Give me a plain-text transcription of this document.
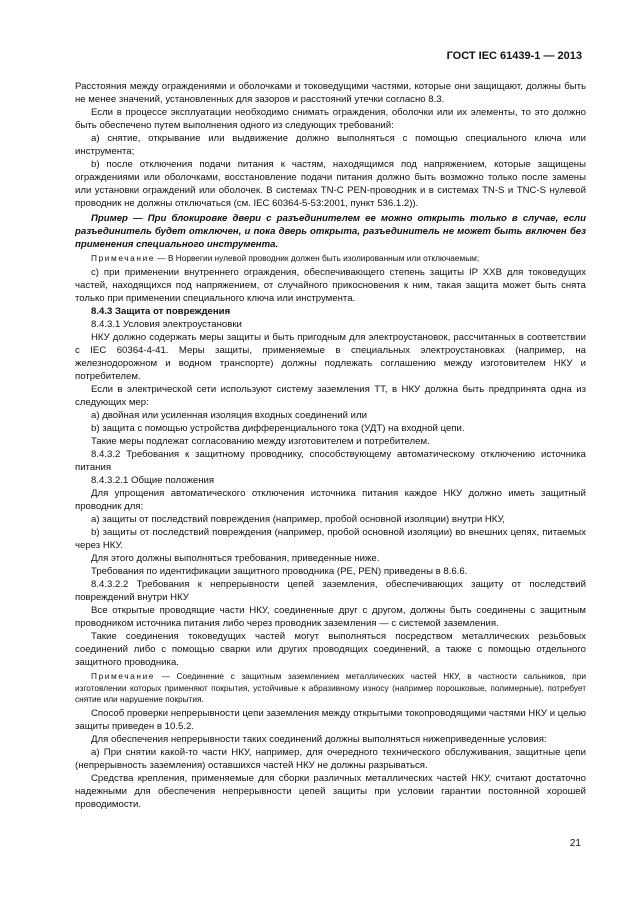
ГОСТ IEC 61439-1 — 2013

Расстояния между ограждениями и оболочками и токоведущими частями, которые они защищают, должны быть не менее значений, установленных для зазоров и расстояний утечки согласно 8.3.

Если в процессе эксплуатации необходимо снимать ограждения, оболочки или их элементы, то это должно быть обеспечено путем выполнения одного из следующих требований:

a) снятие, открывание или выдвижение должно выполняться с помощью специального ключа или инструмента;

b) после отключения подачи питания к частям, находящимся под напряжением, которые защищены ограждениями или оболочками, восстановление подачи питания должно быть возможно только после замены или установки ограждений или оболочек. В системах TN-C PEN-проводник и в системах TN-S и TNC-S нулевой проводник не должны отключаться (см. IEC 60364-5-53:2001, пункт 536.1.2)).

Пример — При блокировке двери с разъединителем ее можно открыть только в случае, если разъединитель будет отключен, и пока дверь открыта, разъединитель не может быть включен без применения специального инструмента.

Примечание — В Норвегии нулевой проводник должен быть изолированным или отключаемым;

c) при применении внутреннего ограждения, обеспечивающего степень защиты IP XXB для токоведущих частей, находящихся под напряжением, от случайного прикосновения к ним, такая защита может быть снята только при применении специального ключа или инструмента.

8.4.3 Защита от повреждения

8.4.3.1 Условия электроустановки

НКУ должно содержать меры защиты и быть пригодным для электроустановок, рассчитанных в соответствии с IEC 60364-4-41. Меры защиты, применяемые в специальных электроустановках (например, на железнодорожном и водном транспорте) должны подлежать соглашению между изготовителем НКУ и потребителем.

Если в электрической сети используют систему заземления TT, в НКУ должна быть предпринята одна из следующих мер:

a) двойная или усиленная изоляция входных соединений или

b) защита с помощью устройства дифференциального тока (УДТ) на входной цепи.

Такие меры подлежат согласованию между изготовителем и потребителем.

8.4.3.2 Требования к защитному проводнику, способствующему автоматическому отключению источника питания

8.4.3.2.1 Общие положения

Для упрощения автоматического отключения источника питания каждое НКУ должно иметь защитный проводник для:

a) защиты от последствий повреждения (например, пробой основной изоляции) внутри НКУ,

b) защиты от последствий повреждения (например, пробой основной изоляции) во внешних цепях, питаемых через НКУ.

Для этого должны выполняться требования, приведенные ниже.

Требования по идентификации защитного проводника (PE, PEN) приведены в 8.6.6.

8.4.3.2.2 Требования к непрерывности цепей заземления, обеспечивающих защиту от последствий повреждений внутри НКУ

Все открытые проводящие части НКУ, соединенные друг с другом, должны быть соединены с защитным проводником источника питания либо через проводник заземления — с системой заземления.

Такие соединения токоведущих частей могут выполняться посредством металлических резьбовых соединений либо с помощью сварки или других проводящих соединений, а также с помощью отдельного защитного проводника.

Примечание — Соединение с защитным заземлением металлических частей НКУ, в частности сальников, при изготовлении которых применяют покрытия, устойчивые к абразивному износу (например порошковые, полимерные), потребует снятие или нарушение покрытия.

Способ проверки непрерывности цепи заземления между открытыми токопроводящими частями НКУ и целью защиты приведен в 10.5.2.

Для обеспечения непрерывности таких соединений должны выполняться нижеприведенные условия:

a) При снятии какой-то части НКУ, например, для очередного технического обслуживания, защитные цепи (непрерывность заземления) оставшихся частей НКУ не должны разрываться.

Средства крепления, применяемые для сборки различных металлических частей НКУ, считают достаточно надежными для обеспечения непрерывности цепей защиты при условии гарантии постоянной хорошей проводимости.

21
